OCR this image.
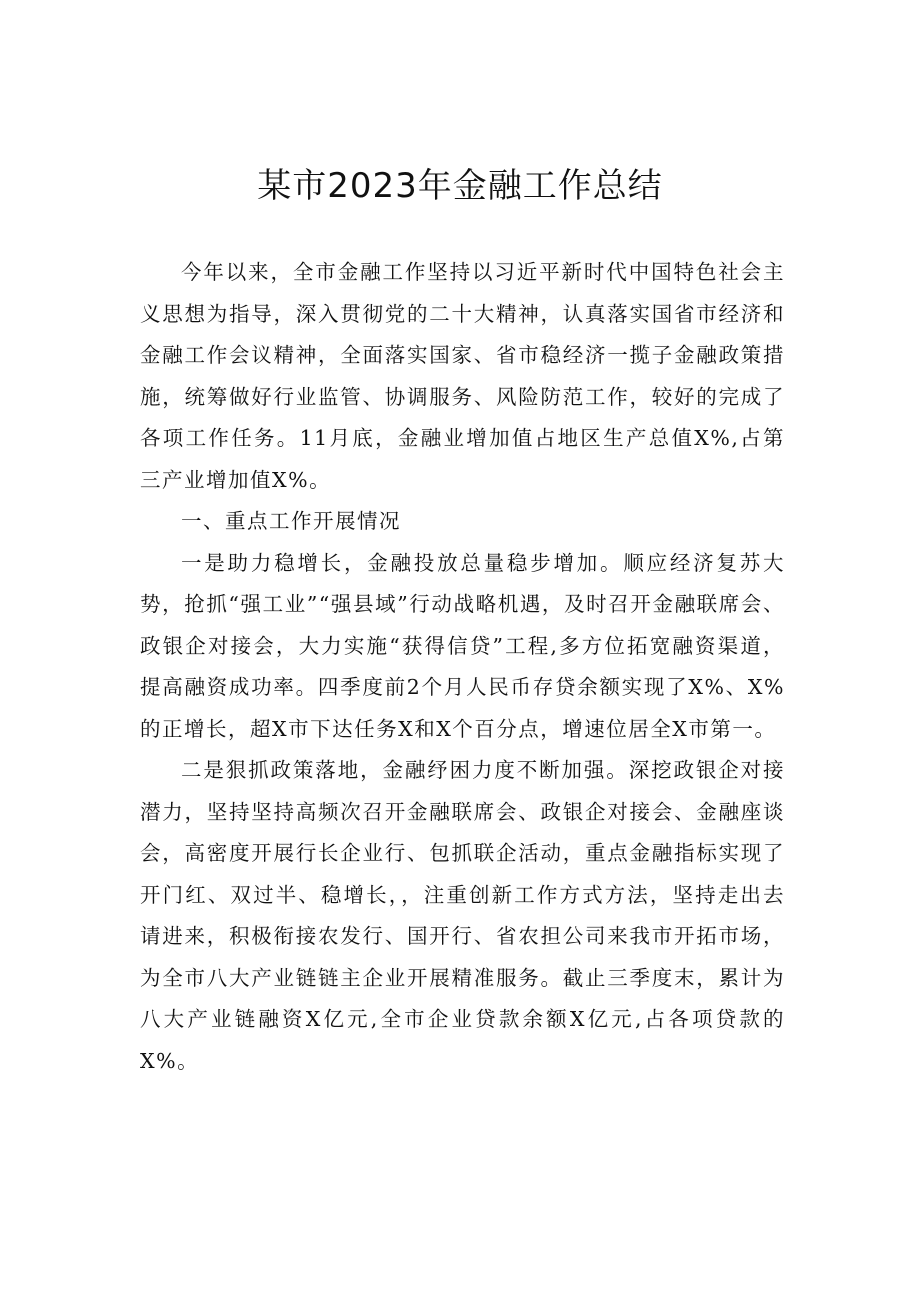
某市2023年金融工作总结

今年以来，全市金融工作坚持以习近平新时代中国特色社会主义思想为指导，深入贯彻党的二十大精神，认真落实国省市经济和金融工作会议精神，全面落实国家、省市稳经济一揽子金融政策措施，统筹做好行业监管、协调服务、风险防范工作，较好的完成了各项工作任务。11月底，金融业增加值占地区生产总值X%,占第三产业增加值X%。

一、重点工作开展情况

一是助力稳增长，金融投放总量稳步增加。顺应经济复苏大势，抢抓“强工业”“强县域”行动战略机遇，及时召开金融联席会、政银企对接会，大力实施“获得信贷”工程,多方位拓宽融资渠道，提高融资成功率。四季度前2个月人民币存贷余额实现了X%、X%的正增长，超X市下达任务X和X个百分点，增速位居全X市第一。

二是狠抓政策落地，金融纾困力度不断加强。深挖政银企对接潜力，坚持坚持高频次召开金融联席会、政银企对接会、金融座谈会，高密度开展行长企业行、包抓联企活动，重点金融指标实现了开门红、双过半、稳增长，，注重创新工作方式方法，坚持走出去请进来，积极衔接农发行、国开行、省农担公司来我市开拓市场，为全市八大产业链链主企业开展精准服务。截止三季度末，累计为八大产业链融资X亿元,全市企业贷款余额X亿元,占各项贷款的X%。
